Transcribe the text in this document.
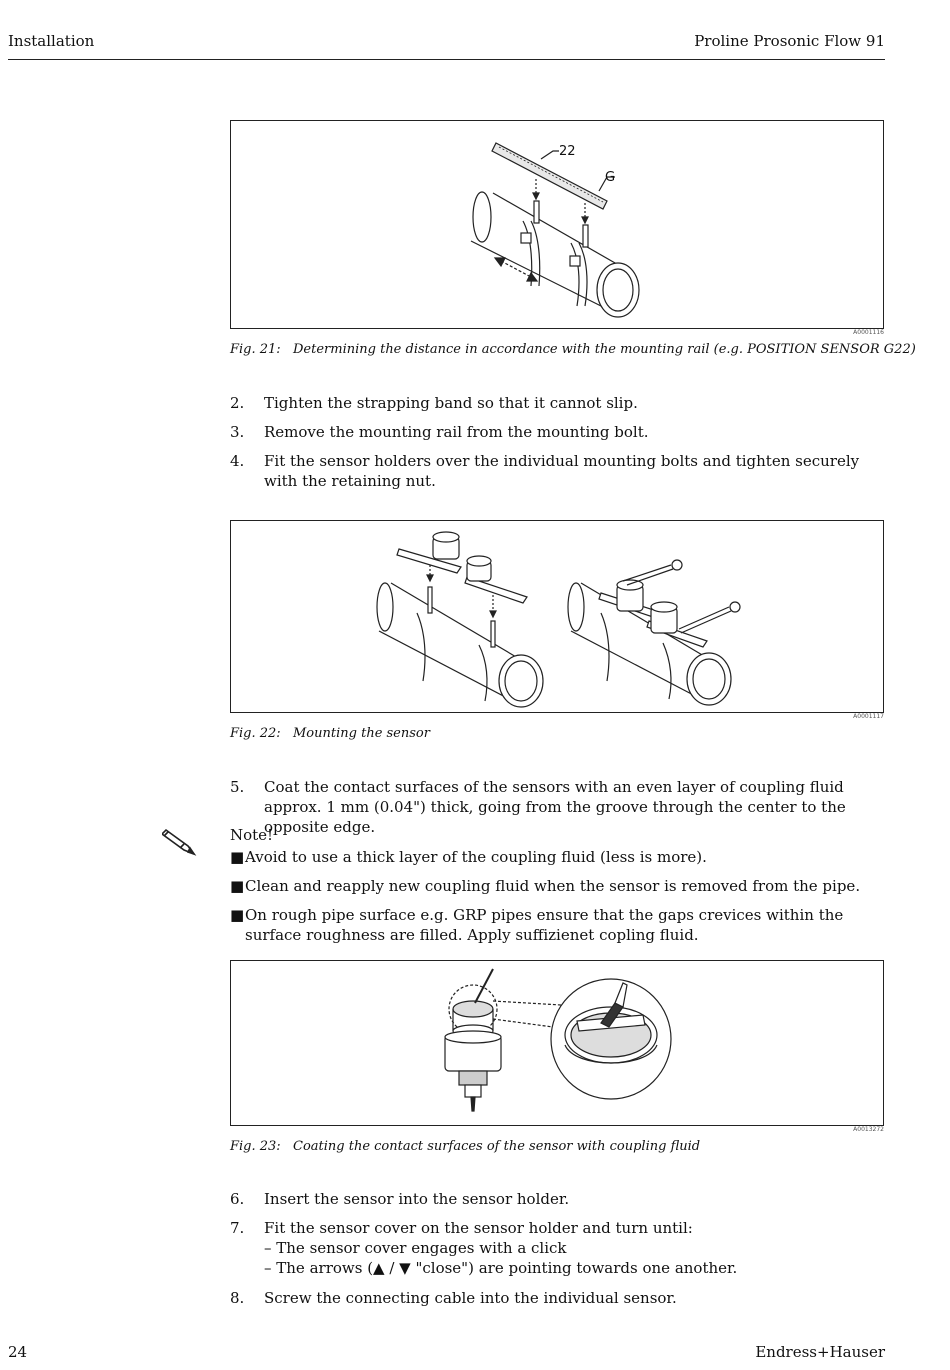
Installation	Proline Prosonic Flow 91
22
G
A0001116
Fig. 21: Determining the distance in accordance with the mounting rail (e.g. POSITION SENSOR G22)
2. Tighten the strapping band so that it cannot slip.
3. Remove the mounting rail from the mounting bolt.
4. Fit the sensor holders over the individual mounting bolts and tighten securely with the retaining nut.
A0001117
Fig. 22: Mounting the sensor
5. Coat the contact surfaces of the sensors with an even layer of coupling fluid approx. 1 mm (0.04") thick, going from the groove through the center to the opposite edge.
Note!
■ Avoid to use a thick layer of the coupling fluid (less is more).
■ Clean and reapply new coupling fluid when the sensor is removed from the pipe.
■ On rough pipe surface e.g. GRP pipes ensure that the gaps crevices within the surface roughness are filled. Apply suffizienet copling fluid.
A0013272
Fig. 23: Coating the contact surfaces of the sensor with coupling fluid
6. Insert the sensor into the sensor holder.
7. Fit the sensor cover on the sensor holder and turn until:
– The sensor cover engages with a click
– The arrows (▲ / ▼ "close") are pointing towards one another.
8. Screw the connecting cable into the individual sensor.
24	Endress+Hauser
